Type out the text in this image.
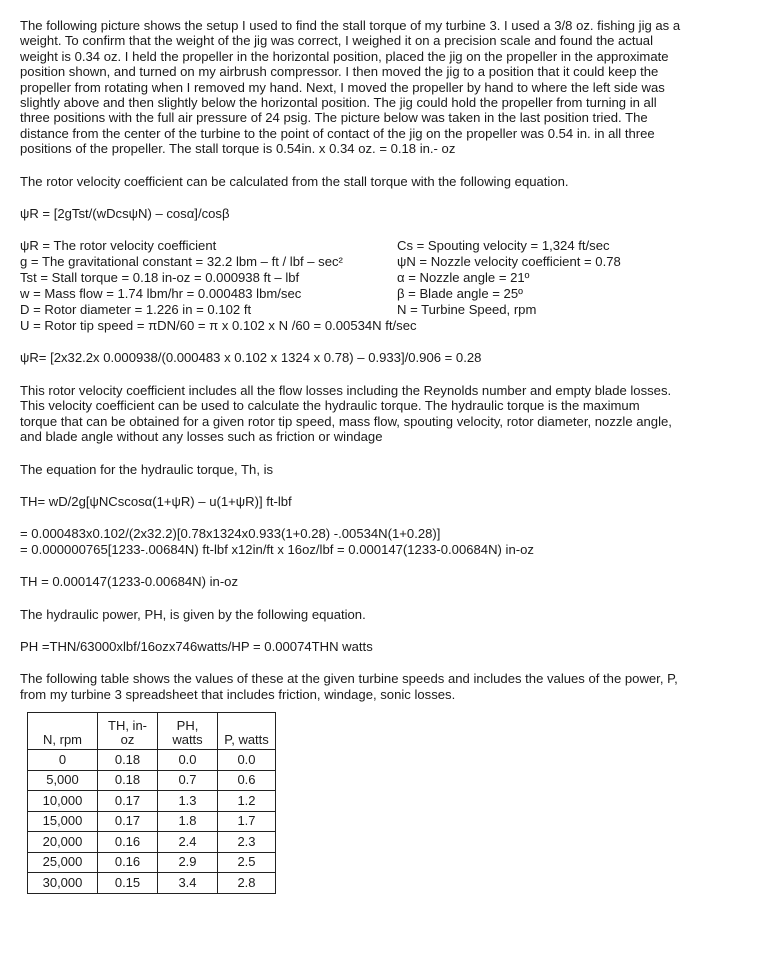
The following picture shows the setup I used to find the stall torque of my turbine 3. I used a 3/8 oz. fishing jig as a

weight. To confirm that the weight of the jig was correct, I weighed it on a precision scale and found the actual

weight is 0.34 oz. I held the propeller in the horizontal position, placed the jig on the propeller in the approximate

position shown, and turned on my airbrush compressor. I then moved the jig to a position that it could keep the

propeller from rotating when I removed my hand. Next, I moved the propeller by hand to where the left side was

slightly above and then slightly below the horizontal position. The jig could hold the propeller from turning in all

three positions with the full air pressure of 24 psig. The picture below was taken in the last position tried. The

distance from the center of the turbine to the point of contact of the jig on the propeller was 0.54 in. in all three

positions of the propeller. The stall torque is 0.54in. x 0.34 oz. = 0.18 in.- oz

The rotor velocity coefficient can be calculated from the stall torque with the following equation.

ψR = [2gTst/(wDcsψN) – cosα]/cosβ

ψR = The rotor velocity coefficient	Cs = Spouting velocity = 1,324 ft/sec
g = The gravitational constant = 32.2 lbm – ft / lbf – sec²	ψN = Nozzle velocity coefficient = 0.78
Tst = Stall torque = 0.18 in-oz = 0.000938 ft – lbf	α = Nozzle angle = 21º
w = Mass flow = 1.74 lbm/hr = 0.000483 lbm/sec	β = Blade angle = 25º
D = Rotor diameter = 1.226 in = 0.102 ft	N = Turbine Speed, rpm
U = Rotor tip speed = πDN/60 = π x 0.102 x N /60 = 0.00534N ft/sec

ψR= [2x32.2x 0.000938/(0.000483 x 0.102 x 1324 x 0.78) – 0.933]/0.906 = 0.28

This rotor velocity coefficient includes all the flow losses including the Reynolds number and empty blade losses.

This velocity coefficient can be used to calculate the hydraulic torque. The hydraulic torque is the maximum

torque that can be obtained for a given rotor tip speed, mass flow, spouting velocity, rotor diameter, nozzle angle,

and blade angle without any losses such as friction or windage

The equation for the hydraulic torque, Th, is

TH= wD/2g[ψNCscosα(1+ψR) – u(1+ψR)] ft-lbf

= 0.000483x0.102/(2x32.2)[0.78x1324x0.933(1+0.28) -.00534N(1+0.28)]

= 0.000000765[1233-.00684N) ft-lbf x12in/ft x 16oz/lbf = 0.000147(1233-0.00684N) in-oz

TH = 0.000147(1233-0.00684N) in-oz

The hydraulic power, PH, is given by the following equation.

PH =THN/63000xlbf/16ozx746watts/HP = 0.00074THN watts

The following table shows the values of these at the given turbine speeds and includes the values of the power, P,

from my turbine 3 spreadsheet that includes friction, windage, sonic losses.

N, rpm	TH, in-oz	PH, watts	P, watts
0	0.18	0.0	0.0
5,000	0.18	0.7	0.6
10,000	0.17	1.3	1.2
15,000	0.17	1.8	1.7
20,000	0.16	2.4	2.3
25,000	0.16	2.9	2.5
30,000	0.15	3.4	2.8
